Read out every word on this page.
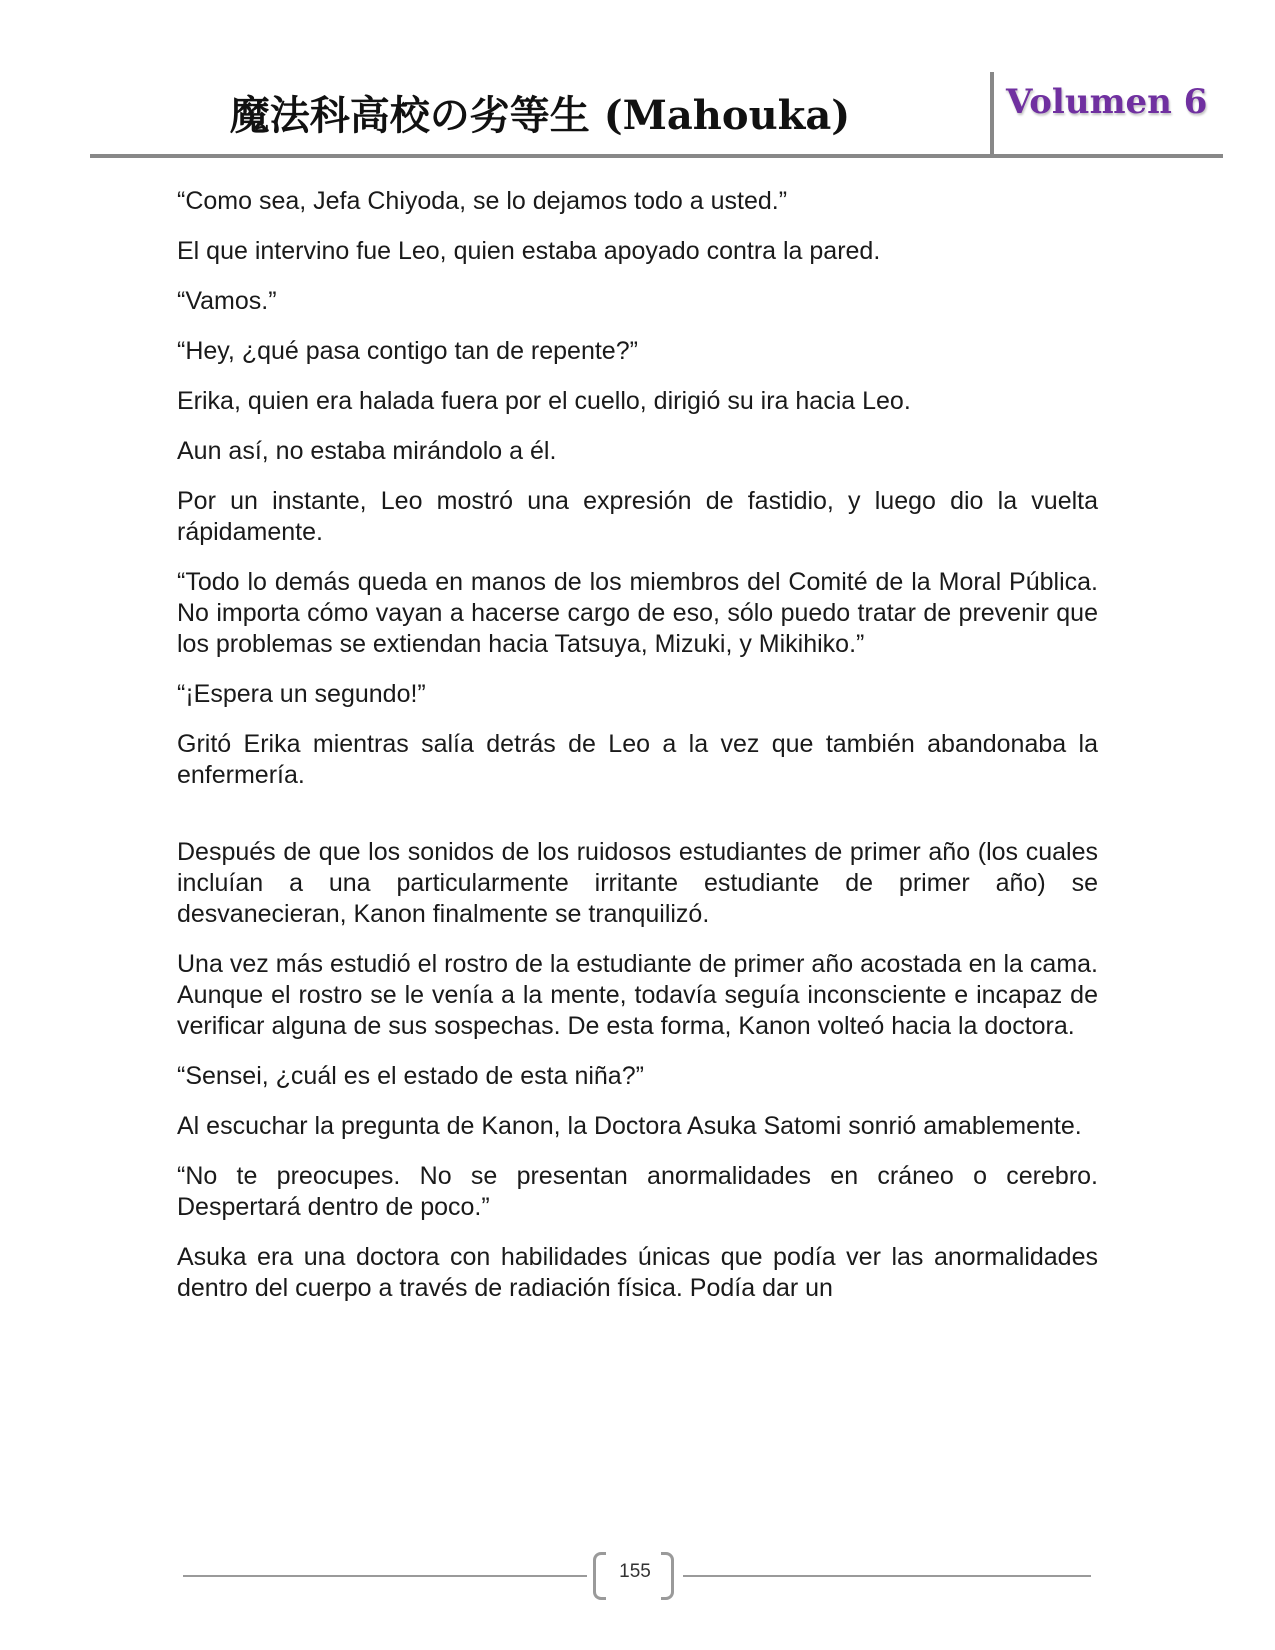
魔法科高校の劣等生 (Mahouka)	Volumen 6

“Como sea, Jefa Chiyoda, se lo dejamos todo a usted.”

El que intervino fue Leo, quien estaba apoyado contra la pared.

“Vamos.”

“Hey, ¿qué pasa contigo tan de repente?”

Erika, quien era halada fuera por el cuello, dirigió su ira hacia Leo.

Aun así, no estaba mirándolo a él.

Por un instante, Leo mostró una expresión de fastidio, y luego dio la vuelta rápidamente.

“Todo lo demás queda en manos de los miembros del Comité de la Moral Pública. No importa cómo vayan a hacerse cargo de eso, sólo puedo tratar de prevenir que los problemas se extiendan hacia Tatsuya, Mizuki, y Mikihiko.”

“¡Espera un segundo!”

Gritó Erika mientras salía detrás de Leo a la vez que también abandonaba la enfermería.

Después de que los sonidos de los ruidosos estudiantes de primer año (los cuales incluían a una particularmente irritante estudiante de primer año) se desvanecieran, Kanon finalmente se tranquilizó.

Una vez más estudió el rostro de la estudiante de primer año acostada en la cama. Aunque el rostro se le venía a la mente, todavía seguía inconsciente e incapaz de verificar alguna de sus sospechas. De esta forma, Kanon volteó hacia la doctora.

“Sensei, ¿cuál es el estado de esta niña?”

Al escuchar la pregunta de Kanon, la Doctora Asuka Satomi sonrió amablemente.

“No te preocupes. No se presentan anormalidades en cráneo o cerebro. Despertará dentro de poco.”

Asuka era una doctora con habilidades únicas que podía ver las anormalidades dentro del cuerpo a través de radiación física. Podía dar un

155
